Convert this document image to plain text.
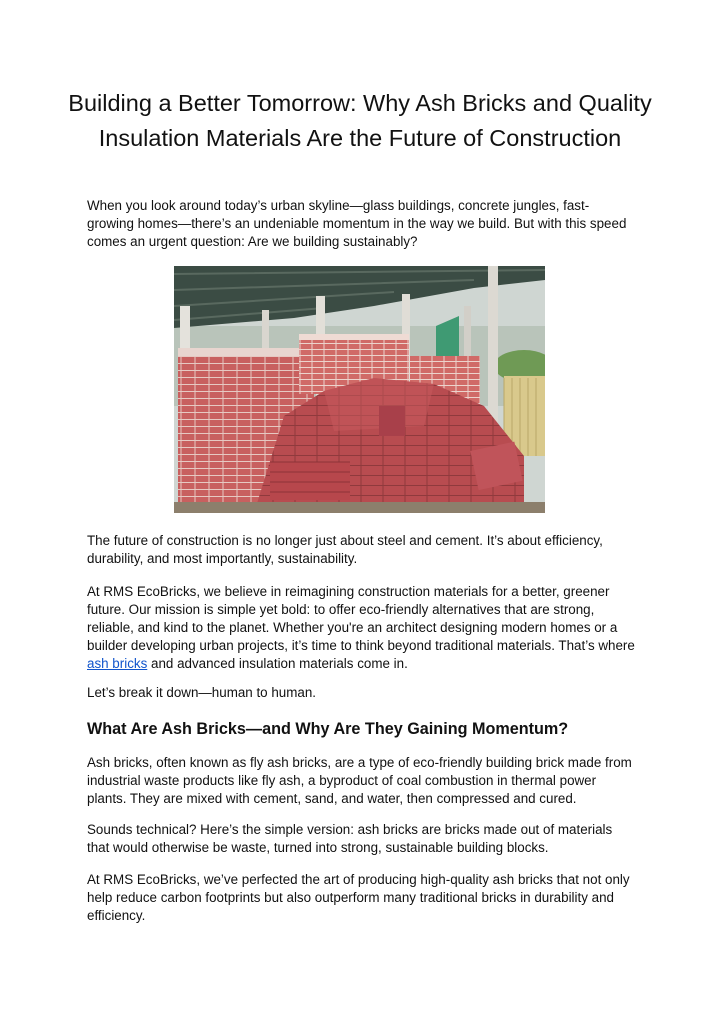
Building a Better Tomorrow: Why Ash Bricks and Quality Insulation Materials Are the Future of Construction

When you look around today’s urban skyline—glass buildings, concrete jungles, fast-growing homes—there’s an undeniable momentum in the way we build. But with this speed comes an urgent question: Are we building sustainably?

The future of construction is no longer just about steel and cement. It’s about efficiency, durability, and most importantly, sustainability.

At RMS EcoBricks, we believe in reimagining construction materials for a better, greener future. Our mission is simple yet bold: to offer eco-friendly alternatives that are strong, reliable, and kind to the planet. Whether you're an architect designing modern homes or a builder developing urban projects, it’s time to think beyond traditional materials. That’s where ash bricks and advanced insulation materials come in.

Let’s break it down—human to human.

What Are Ash Bricks—and Why Are They Gaining Momentum?

Ash bricks, often known as fly ash bricks, are a type of eco-friendly building brick made from industrial waste products like fly ash, a byproduct of coal combustion in thermal power plants. They are mixed with cement, sand, and water, then compressed and cured.

Sounds technical? Here’s the simple version: ash bricks are bricks made out of materials that would otherwise be waste, turned into strong, sustainable building blocks.

At RMS EcoBricks, we’ve perfected the art of producing high-quality ash bricks that not only help reduce carbon footprints but also outperform many traditional bricks in durability and efficiency.
